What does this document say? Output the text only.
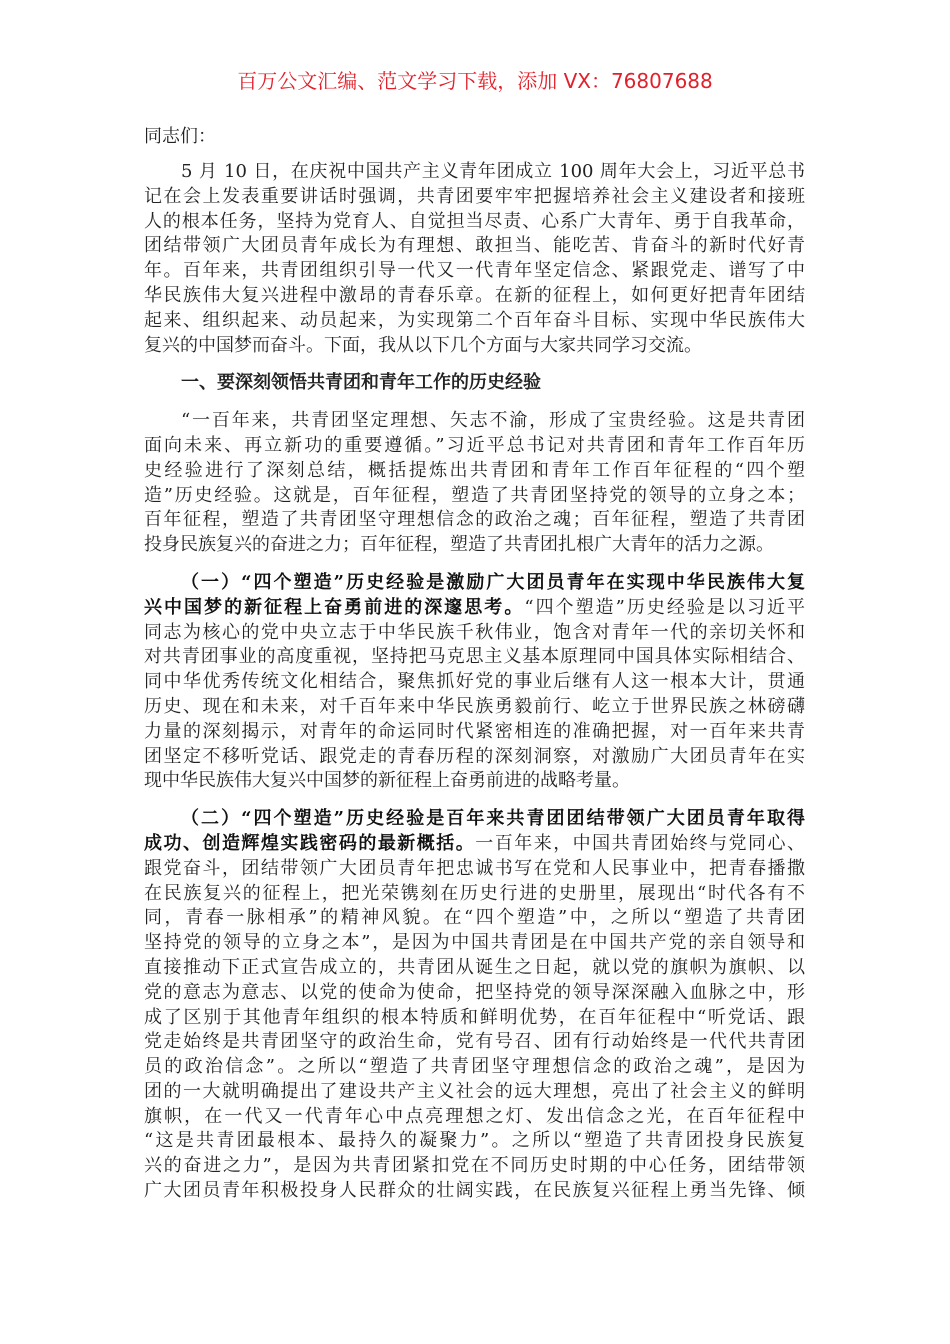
百万公文汇编、范文学习下载，添加 VX：76807688
同志们：
5 月 10 日，在庆祝中国共产主义青年团成立 100 周年大会上，习近平总书
记在会上发表重要讲话时强调，共青团要牢牢把握培养社会主义建设者和接班
人的根本任务，坚持为党育人、自觉担当尽责、心系广大青年、勇于自我革命，
团结带领广大团员青年成长为有理想、敢担当、能吃苦、肯奋斗的新时代好青
年。百年来，共青团组织引导一代又一代青年坚定信念、紧跟党走、谱写了中
华民族伟大复兴进程中激昂的青春乐章。在新的征程上，如何更好把青年团结
起来、组织起来、动员起来，为实现第二个百年奋斗目标、实现中华民族伟大
复兴的中国梦而奋斗。下面，我从以下几个方面与大家共同学习交流。
一、要深刻领悟共青团和青年工作的历史经验
“一百年来，共青团坚定理想、矢志不渝，形成了宝贵经验。这是共青团
面向未来、再立新功的重要遵循。”习近平总书记对共青团和青年工作百年历
史经验进行了深刻总结，概括提炼出共青团和青年工作百年征程的“四个塑
造”历史经验。这就是，百年征程，塑造了共青团坚持党的领导的立身之本；
百年征程，塑造了共青团坚守理想信念的政治之魂；百年征程，塑造了共青团
投身民族复兴的奋进之力；百年征程，塑造了共青团扎根广大青年的活力之源。
（一）“四个塑造”历史经验是激励广大团员青年在实现中华民族伟大复
兴中国梦的新征程上奋勇前进的深邃思考。“四个塑造”历史经验是以习近平
同志为核心的党中央立志于中华民族千秋伟业，饱含对青年一代的亲切关怀和
对共青团事业的高度重视，坚持把马克思主义基本原理同中国具体实际相结合、
同中华优秀传统文化相结合，聚焦抓好党的事业后继有人这一根本大计，贯通
历史、现在和未来，对千百年来中华民族勇毅前行、屹立于世界民族之林磅礴
力量的深刻揭示，对青年的命运同时代紧密相连的准确把握，对一百年来共青
团坚定不移听党话、跟党走的青春历程的深刻洞察，对激励广大团员青年在实
现中华民族伟大复兴中国梦的新征程上奋勇前进的战略考量。
（二）“四个塑造”历史经验是百年来共青团团结带领广大团员青年取得
成功、创造辉煌实践密码的最新概括。一百年来，中国共青团始终与党同心、
跟党奋斗，团结带领广大团员青年把忠诚书写在党和人民事业中，把青春播撒
在民族复兴的征程上，把光荣镌刻在历史行进的史册里，展现出“时代各有不
同，青春一脉相承”的精神风貌。在“四个塑造”中，之所以“塑造了共青团
坚持党的领导的立身之本”，是因为中国共青团是在中国共产党的亲自领导和
直接推动下正式宣告成立的，共青团从诞生之日起，就以党的旗帜为旗帜、以
党的意志为意志、以党的使命为使命，把坚持党的领导深深融入血脉之中，形
成了区别于其他青年组织的根本特质和鲜明优势，在百年征程中“听党话、跟
党走始终是共青团坚守的政治生命，党有号召、团有行动始终是一代代共青团
员的政治信念”。之所以“塑造了共青团坚守理想信念的政治之魂”，是因为
团的一大就明确提出了建设共产主义社会的远大理想，亮出了社会主义的鲜明
旗帜，在一代又一代青年心中点亮理想之灯、发出信念之光，在百年征程中
“这是共青团最根本、最持久的凝聚力”。之所以“塑造了共青团投身民族复
兴的奋进之力”，是因为共青团紧扣党在不同历史时期的中心任务，团结带领
广大团员青年积极投身人民群众的壮阔实践，在民族复兴征程上勇当先锋、倾
